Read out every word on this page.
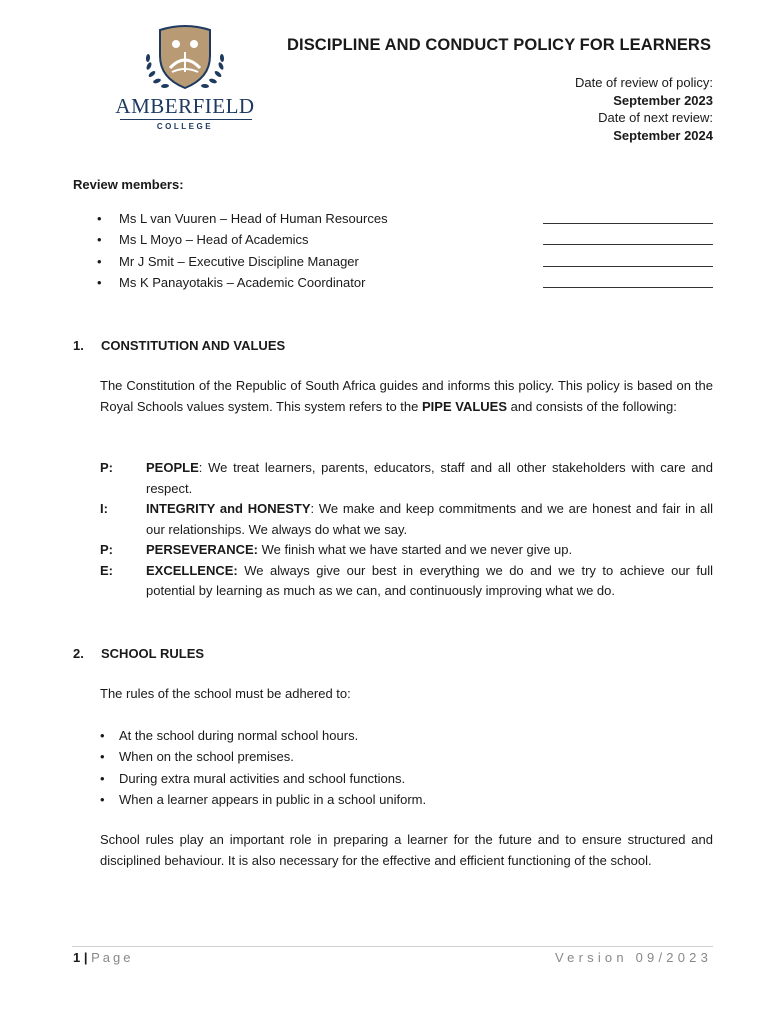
AMBERFIELD
COLLEGE
DISCIPLINE AND CONDUCT POLICY FOR LEARNERS
Date of review of policy:
September 2023
Date of next review:
September 2024
Review members:
• Ms L van Vuuren – Head of Human Resources
• Ms L Moyo – Head of Academics
• Mr J Smit – Executive Discipline Manager
• Ms K Panayotakis – Academic Coordinator
1. CONSTITUTION AND VALUES
The Constitution of the Republic of South Africa guides and informs this policy. This policy is based on the Royal Schools values system. This system refers to the PIPE VALUES and consists of the following:
P:	PEOPLE: We treat learners, parents, educators, staff and all other stakeholders with care and respect.
I:	INTEGRITY and HONESTY: We make and keep commitments and we are honest and fair in all our relationships. We always do what we say.
P:	PERSEVERANCE: We finish what we have started and we never give up.
E:	EXCELLENCE: We always give our best in everything we do and we try to achieve our full potential by learning as much as we can, and continuously improving what we do.
2. SCHOOL RULES
The rules of the school must be adhered to:
• At the school during normal school hours.
• When on the school premises.
• During extra mural activities and school functions.
• When a learner appears in public in a school uniform.
School rules play an important role in preparing a learner for the future and to ensure structured and disciplined behaviour. It is also necessary for the effective and efficient functioning of the school.
1 | Page	Version 09/2023
